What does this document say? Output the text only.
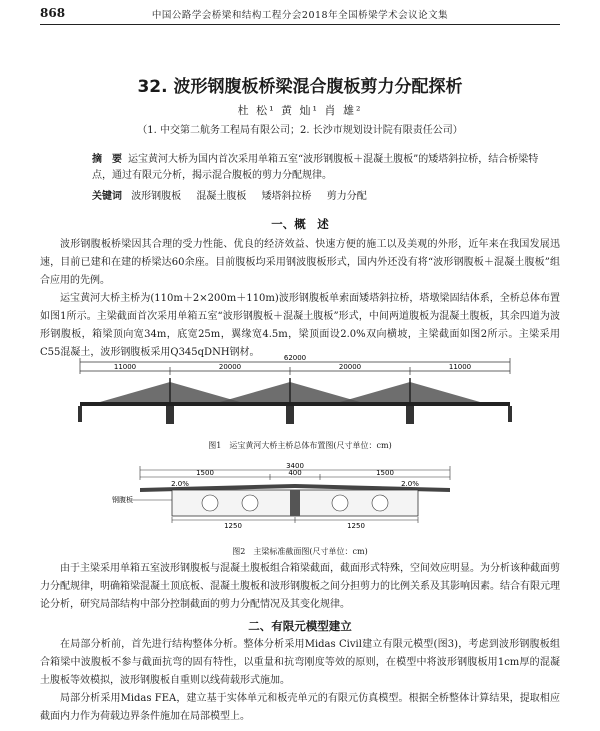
868	中国公路学会桥梁和结构工程分会2018年全国桥梁学术会议论文集
32. 波形钢腹板桥梁混合腹板剪力分配探析
杜 松¹ 黄 灿¹ 肖 雄²
（1. 中交第二航务工程局有限公司；2. 长沙市规划设计院有限责任公司）
摘　要 运宝黄河大桥为国内首次采用单箱五室“波形钢腹板＋混凝土腹板”的矮塔斜拉桥，结合桥梁特点，通过有限元分析，揭示混合腹板的剪力分配规律。
关键词 波形钢腹板 混凝土腹板 矮塔斜拉桥 剪力分配
一、概　述
波形钢腹板桥梁因其合理的受力性能、优良的经济效益、快速方便的施工以及美观的外形，近年来在我国发展迅速，目前已建和在建的桥梁达60余座。目前腹板均采用钢波腹板形式，国内外还没有将“波形钢腹板＋混凝土腹板”组合应用的先例。
运宝黄河大桥主桥为(110m＋2×200m＋110m)波形钢腹板单索面矮塔斜拉桥，塔墩梁固结体系，全桥总体布置如图1所示。主梁截面首次采用单箱五室“波形钢腹板＋混凝土腹板”形式，中间两道腹板为混凝土腹板，其余四道为波形钢腹板，箱梁顶向宽34m，底宽25m，翼缘宽4.5m，梁顶面设2.0%双向横坡，主梁截面如图2所示。主梁采用C55混凝土，波形钢腹板采用Q345qDNH钢材。	62000
11000	20000	20000	11000
图1　运宝黄河大桥主桥总体布置图(尺寸单位：cm)
3400
1500	400	1500
2.0%	2.0%
1250	1250
钢腹板
图2　主梁标准截面图(尺寸单位：cm)
由于主梁采用单箱五室波形钢腹板与混凝土腹板组合箱梁截面，截面形式特殊，空间效应明显。为分析该种截面剪力分配规律，明确箱梁混凝土顶底板、混凝土腹板和波形钢腹板之间分担剪力的比例关系及其影响因素。结合有限元理论分析，研究局部结构中部分控制截面的剪力分配情况及其变化规律。
二、有限元模型建立
在局部分析前，首先进行结构整体分析。整体分析采用Midas Civil建立有限元模型(图3)，考虑到波形钢腹板组合箱梁中波腹板不参与截面抗弯的固有特性，以重量和抗弯刚度等效的原则，在模型中将波形钢腹板用1cm厚的混凝土腹板等效模拟，波形钢腹板自重则以线荷载形式施加。
局部分析采用Midas FEA，建立基于实体单元和板壳单元的有限元仿真模型。根据全桥整体计算结果，提取相应截面内力作为荷载边界条件施加在局部模型上。
